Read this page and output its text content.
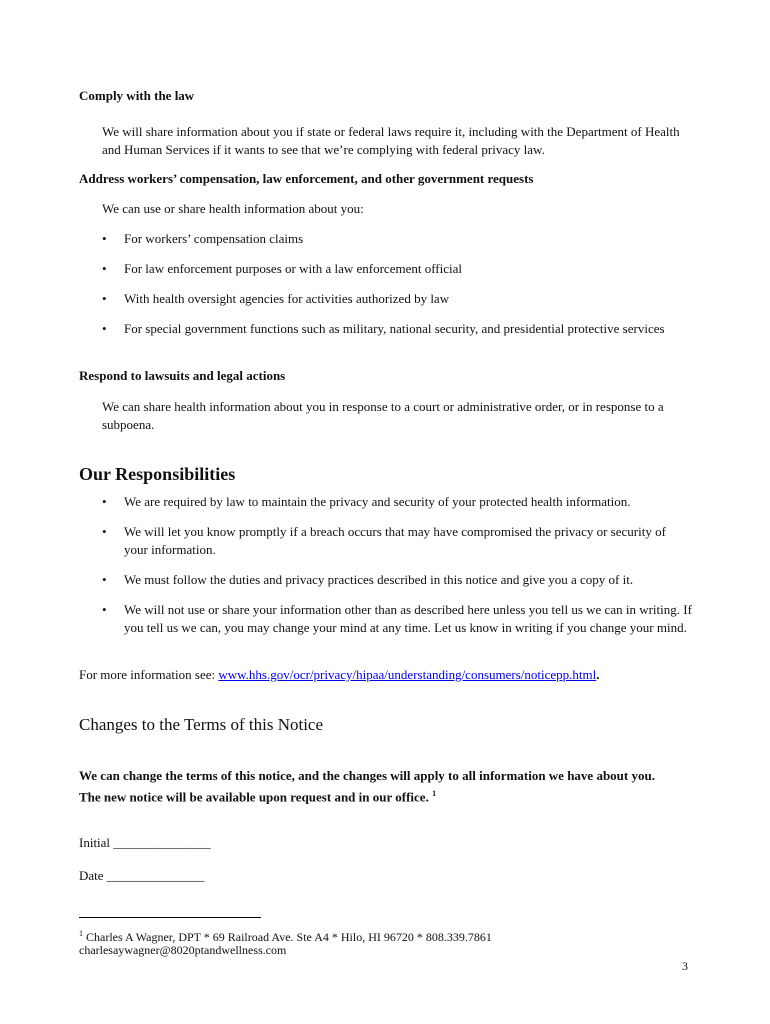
Comply with the law
We will share information about you if state or federal laws require it, including with the Department of Health and Human Services if it wants to see that we’re complying with federal privacy law.
Address workers’ compensation, law enforcement, and other government requests
We can use or share health information about you:
• For workers’ compensation claims
• For law enforcement purposes or with a law enforcement official
• With health oversight agencies for activities authorized by law
• For special government functions such as military, national security, and presidential protective services
Respond to lawsuits and legal actions
We can share health information about you in response to a court or administrative order, or in response to a subpoena.
Our Responsibilities
• We are required by law to maintain the privacy and security of your protected health information.
• We will let you know promptly if a breach occurs that may have compromised the privacy or security of your information.
• We must follow the duties and privacy practices described in this notice and give you a copy of it.
• We will not use or share your information other than as described here unless you tell us we can in writing. If you tell us we can, you may change your mind at any time. Let us know in writing if you change your mind.
For more information see: www.hhs.gov/ocr/privacy/hipaa/understanding/consumers/noticepp.html.
Changes to the Terms of this Notice
We can change the terms of this notice, and the changes will apply to all information we have about you. The new notice will be available upon request and in our office. $^1$
Initial _______________
Date _______________
$^1$ Charles A Wagner, DPT * 69 Railroad Ave. Ste A4 * Hilo, HI 96720 * 808.339.7861
charlesaywagner@8020ptandwellness.com
3
